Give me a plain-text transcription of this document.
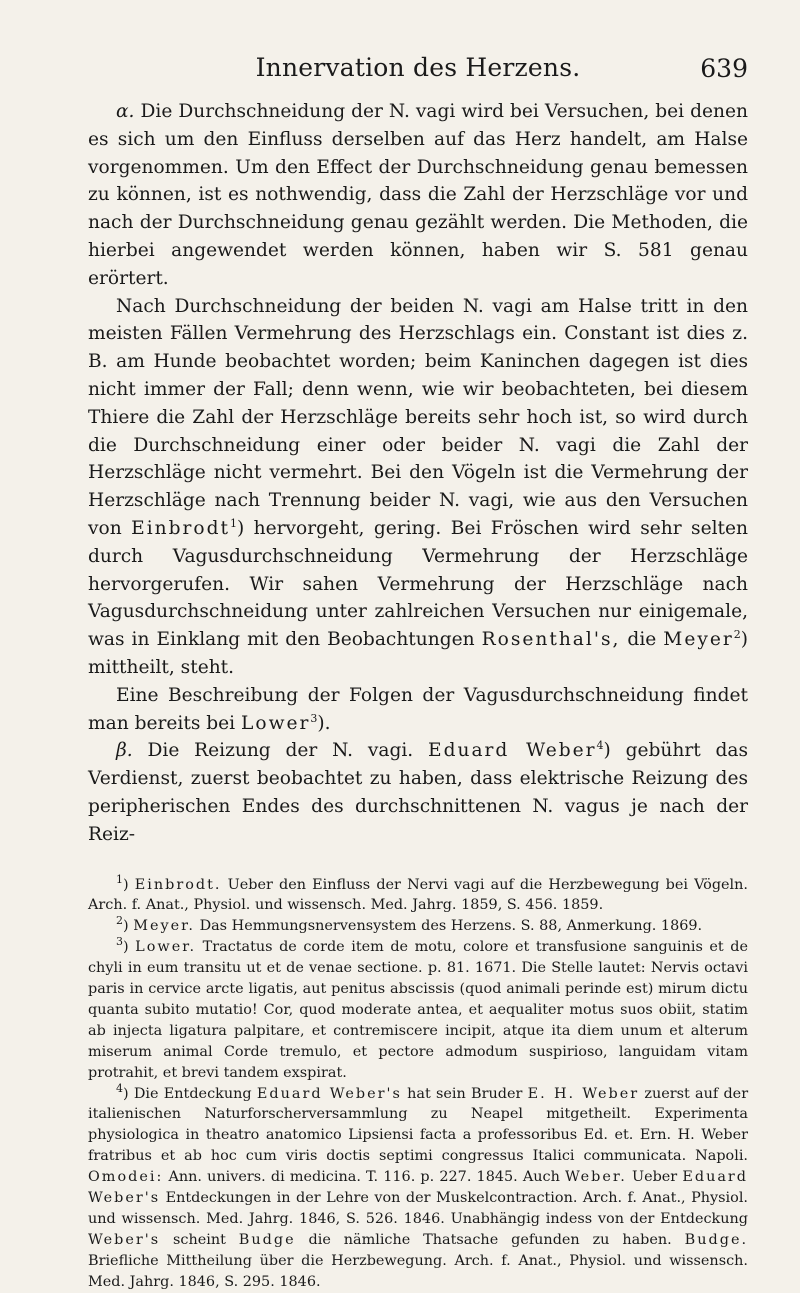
Innervation des Herzens.	639

α. Die Durchschneidung der N. vagi wird bei Versuchen, bei denen es sich um den Einfluss derselben auf das Herz handelt, am Halse vorgenommen. Um den Effect der Durchschneidung genau bemessen zu können, ist es nothwendig, dass die Zahl der Herzschläge vor und nach der Durchschneidung genau gezählt werden. Die Methoden, die hierbei angewendet werden können, haben wir S. 581 genau erörtert.

Nach Durchschneidung der beiden N. vagi am Halse tritt in den meisten Fällen Vermehrung des Herzschlags ein. Constant ist dies z. B. am Hunde beobachtet worden; beim Kaninchen dagegen ist dies nicht immer der Fall; denn wenn, wie wir beobachteten, bei diesem Thiere die Zahl der Herzschläge bereits sehr hoch ist, so wird durch die Durchschneidung einer oder beider N. vagi die Zahl der Herzschläge nicht vermehrt. Bei den Vögeln ist die Vermehrung der Herzschläge nach Trennung beider N. vagi, wie aus den Versuchen von Einbrodt$^1$) hervorgeht, gering. Bei Fröschen wird sehr selten durch Vagusdurchschneidung Vermehrung der Herzschläge hervorgerufen. Wir sahen Vermehrung der Herzschläge nach Vagusdurchschneidung unter zahlreichen Versuchen nur einigemale, was in Einklang mit den Beobachtungen Rosenthal's, die Meyer$^2$) mittheilt, steht.

Eine Beschreibung der Folgen der Vagusdurchschneidung findet man bereits bei Lower$^3$).

β. Die Reizung der N. vagi. Eduard Weber$^4$) gebührt das Verdienst, zuerst beobachtet zu haben, dass elektrische Reizung des peripherischen Endes des durchschnittenen N. vagus je nach der Reiz-

$^1$) Einbrodt. Ueber den Einfluss der Nervi vagi auf die Herzbewegung bei Vögeln. Arch. f. Anat., Physiol. und wissensch. Med. Jahrg. 1859, S. 456. 1859.

$^2$) Meyer. Das Hemmungsnervensystem des Herzens. S. 88, Anmerkung. 1869.

$^3$) Lower. Tractatus de corde item de motu, colore et transfusione sanguinis et de chyli in eum transitu ut et de venae sectione. p. 81. 1671. Die Stelle lautet: Nervis octavi paris in cervice arcte ligatis, aut penitus abscissis (quod animali perinde est) mirum dictu quanta subito mutatio! Cor, quod moderate antea, et aequaliter motus suos obiit, statim ab injecta ligatura palpitare, et contremiscere incipit, atque ita diem unum et alterum miserum animal Corde tremulo, et pectore admodum suspirioso, languidam vitam protrahit, et brevi tandem exspirat.

$^4$) Die Entdeckung Eduard Weber's hat sein Bruder E. H. Weber zuerst auf der italienischen Naturforscherversammlung zu Neapel mitgetheilt. Experimenta physiologica in theatro anatomico Lipsiensi facta a professoribus Ed. et. Ern. H. Weber fratribus et ab hoc cum viris doctis septimi congressus Italici communicata. Napoli. Omodei: Ann. univers. di medicina. T. 116. p. 227. 1845. Auch Weber. Ueber Eduard Weber's Entdeckungen in der Lehre von der Muskelcontraction. Arch. f. Anat., Physiol. und wissensch. Med. Jahrg. 1846, S. 526. 1846. Unabhängig indess von der Entdeckung Weber's scheint Budge die nämliche Thatsache gefunden zu haben. Budge. Briefliche Mittheilung über die Herzbewegung. Arch. f. Anat., Physiol. und wissensch. Med. Jahrg. 1846, S. 295. 1846.
